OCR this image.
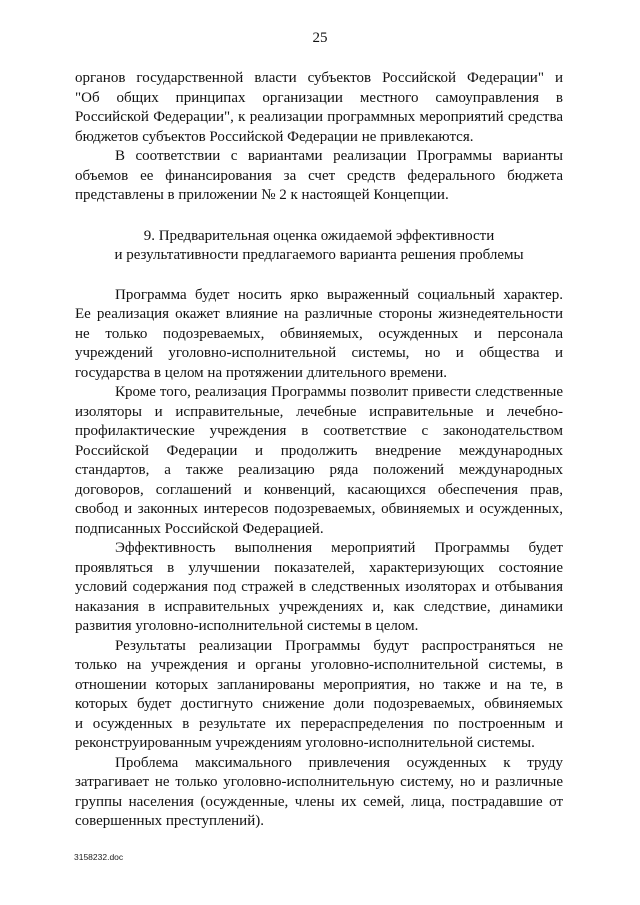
25

органов государственной власти субъектов Российской Федерации" и
"Об общих принципах организации местного самоуправления в
Российской Федерации", к реализации программных мероприятий средства
бюджетов субъектов Российской Федерации не привлекаются.

В соответствии с вариантами реализации Программы варианты
объемов ее финансирования за счет средств федерального бюджета
представлены в приложении № 2 к настоящей Концепции.

9. Предварительная оценка ожидаемой эффективности
и результативности предлагаемого варианта решения проблемы

Программа будет носить ярко выраженный социальный характер.
Ее реализация окажет влияние на различные стороны жизнедеятельности
не только подозреваемых, обвиняемых, осужденных и персонала
учреждений уголовно-исполнительной системы, но и общества и
государства в целом на протяжении длительного времени.

Кроме того, реализация Программы позволит привести следственные
изоляторы и исправительные, лечебные исправительные и лечебно-
профилактические учреждения в соответствие с законодательством
Российской Федерации и продолжить внедрение международных
стандартов, а также реализацию ряда положений международных
договоров, соглашений и конвенций, касающихся обеспечения прав,
свобод и законных интересов подозреваемых, обвиняемых и осужденных,
подписанных Российской Федерацией.

Эффективность выполнения мероприятий Программы будет
проявляться в улучшении показателей, характеризующих состояние
условий содержания под стражей в следственных изоляторах и отбывания
наказания в исправительных учреждениях и, как следствие, динамики
развития уголовно-исполнительной системы в целом.

Результаты реализации Программы будут распространяться не
только на учреждения и органы уголовно-исполнительной системы, в
отношении которых запланированы мероприятия, но также и на те, в
которых будет достигнуто снижение доли подозреваемых, обвиняемых
и осужденных в результате их перераспределения по построенным и
реконструированным учреждениям уголовно-исполнительной системы.

Проблема максимального привлечения осужденных к труду
затрагивает не только уголовно-исполнительную систему, но и различные
группы населения (осужденные, члены их семей, лица, пострадавшие от
совершенных преступлений).

3158232.doc
